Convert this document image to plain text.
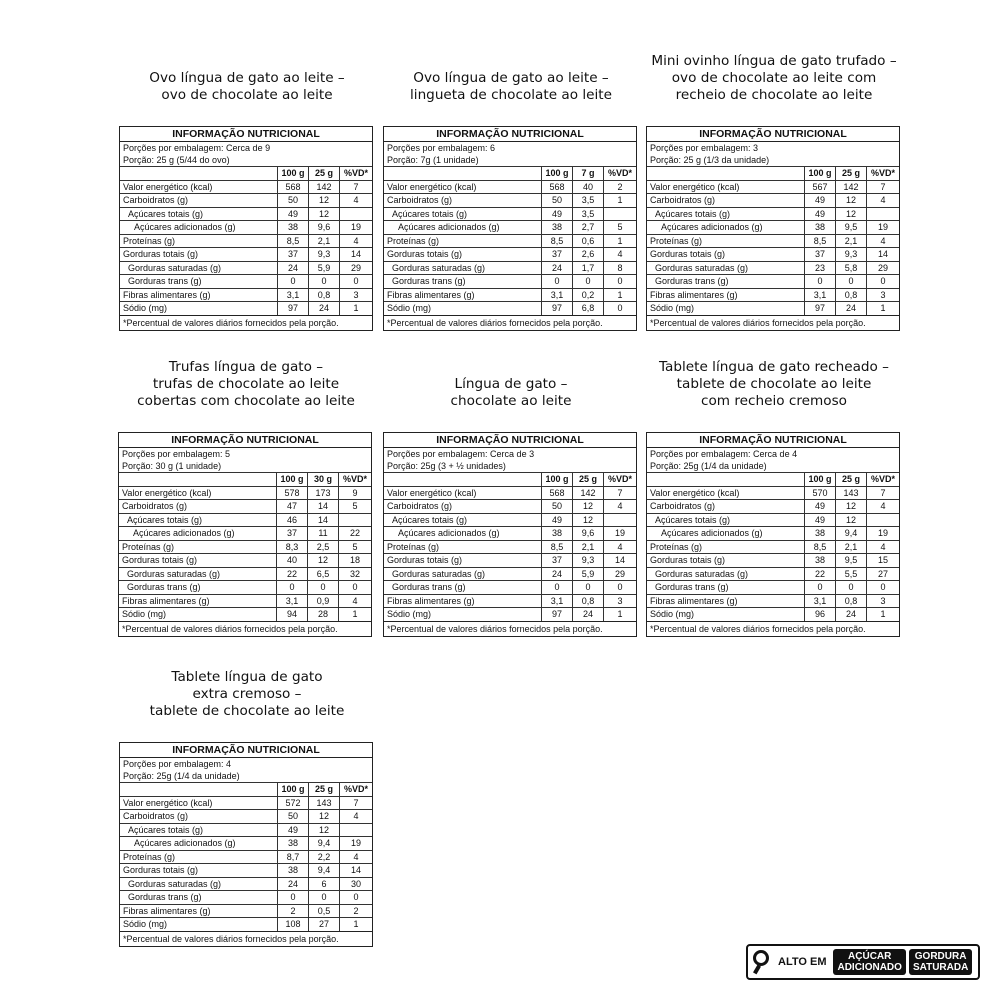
Ovo língua de gato ao leite –
ovo de chocolate ao leite
INFORMAÇÃO NUTRICIONAL
Porções por embalagem: Cerca de 9
Porção: 25 g (5/44 do ovo)
100 g	25 g	%VD*
Valor energético (kcal)	568	142	7
Carboidratos (g)	50	12	4
Açúcares totais (g)	49	12
Açúcares adicionados (g)	38	9,6	19
Proteínas (g)	8,5	2,1	4
Gorduras totais (g)	37	9,3	14
Gorduras saturadas (g)	24	5,9	29
Gorduras trans (g)	0	0	0
Fibras alimentares (g)	3,1	0,8	3
Sódio (mg)	97	24	1
*Percentual de valores diários fornecidos pela porção.
Ovo língua de gato ao leite –
lingueta de chocolate ao leite
INFORMAÇÃO NUTRICIONAL
Porções por embalagem: 6
Porção: 7g (1 unidade)
100 g	7 g	%VD*
Valor energético (kcal)	568	40	2
Carboidratos (g)	50	3,5	1
Açúcares totais (g)	49	3,5
Açúcares adicionados (g)	38	2,7	5
Proteínas (g)	8,5	0,6	1
Gorduras totais (g)	37	2,6	4
Gorduras saturadas (g)	24	1,7	8
Gorduras trans (g)	0	0	0
Fibras alimentares (g)	3,1	0,2	1
Sódio (mg)	97	6,8	0
*Percentual de valores diários fornecidos pela porção.
Mini ovinho língua de gato trufado –
ovo de chocolate ao leite com
recheio de chocolate ao leite
INFORMAÇÃO NUTRICIONAL
Porções por embalagem: 3
Porção: 25 g (1/3 da unidade)
100 g	25 g	%VD*
Valor energético (kcal)	567	142	7
Carboidratos (g)	49	12	4
Açúcares totais (g)	49	12
Açúcares adicionados (g)	38	9,5	19
Proteínas (g)	8,5	2,1	4
Gorduras totais (g)	37	9,3	14
Gorduras saturadas (g)	23	5,8	29
Gorduras trans (g)	0	0	0
Fibras alimentares (g)	3,1	0,8	3
Sódio (mg)	97	24	1
*Percentual de valores diários fornecidos pela porção.
Trufas língua de gato –
trufas de chocolate ao leite
cobertas com chocolate ao leite
INFORMAÇÃO NUTRICIONAL
Porções por embalagem: 5
Porção: 30 g (1 unidade)
100 g	30 g	%VD*
Valor energético (kcal)	578	173	9
Carboidratos (g)	47	14	5
Açúcares totais (g)	46	14
Açúcares adicionados (g)	37	11	22
Proteínas (g)	8,3	2,5	5
Gorduras totais (g)	40	12	18
Gorduras saturadas (g)	22	6,5	32
Gorduras trans (g)	0	0	0
Fibras alimentares (g)	3,1	0,9	4
Sódio (mg)	94	28	1
*Percentual de valores diários fornecidos pela porção.
Língua de gato –
chocolate ao leite
INFORMAÇÃO NUTRICIONAL
Porções por embalagem: Cerca de 3
Porção: 25g (3 + ½ unidades)
100 g	25 g	%VD*
Valor energético (kcal)	568	142	7
Carboidratos (g)	50	12	4
Açúcares totais (g)	49	12
Açúcares adicionados (g)	38	9,6	19
Proteínas (g)	8,5	2,1	4
Gorduras totais (g)	37	9,3	14
Gorduras saturadas (g)	24	5,9	29
Gorduras trans (g)	0	0	0
Fibras alimentares (g)	3,1	0,8	3
Sódio (mg)	97	24	1
*Percentual de valores diários fornecidos pela porção.
Tablete língua de gato recheado –
tablete de chocolate ao leite
com recheio cremoso
INFORMAÇÃO NUTRICIONAL
Porções por embalagem: Cerca de 4
Porção: 25g (1/4 da unidade)
100 g	25 g	%VD*
Valor energético (kcal)	570	143	7
Carboidratos (g)	49	12	4
Açúcares totais (g)	49	12
Açúcares adicionados (g)	38	9,4	19
Proteínas (g)	8,5	2,1	4
Gorduras totais (g)	38	9,5	15
Gorduras saturadas (g)	22	5,5	27
Gorduras trans (g)	0	0	0
Fibras alimentares (g)	3,1	0,8	3
Sódio (mg)	96	24	1
*Percentual de valores diários fornecidos pela porção.
Tablete língua de gato
extra cremoso –
tablete de chocolate ao leite
INFORMAÇÃO NUTRICIONAL
Porções por embalagem: 4
Porção: 25g (1/4 da unidade)
100 g	25 g	%VD*
Valor energético (kcal)	572	143	7
Carboidratos (g)	50	12	4
Açúcares totais (g)	49	12
Açúcares adicionados (g)	38	9,4	19
Proteínas (g)	8,7	2,2	4
Gorduras totais (g)	38	9,4	14
Gorduras saturadas (g)	24	6	30
Gorduras trans (g)	0	0	0
Fibras alimentares (g)	2	0,5	2
Sódio (mg)	108	27	1
*Percentual de valores diários fornecidos pela porção.
ALTO EM	AÇÚCAR
ADICIONADO
GORDURA
SATURADA
